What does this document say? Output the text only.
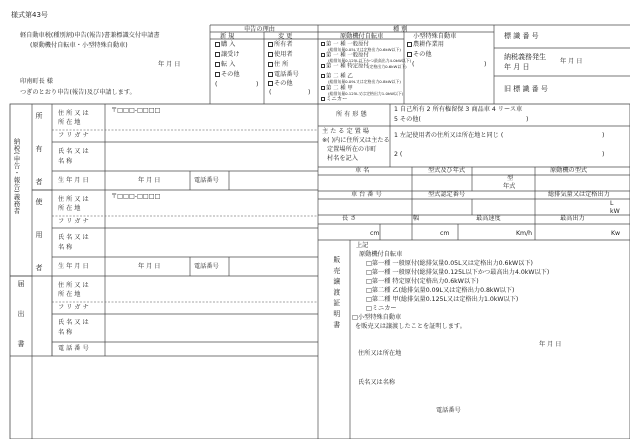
様式第43号
軽自動車税(種別割)申告(報告)書兼標識交付申請書
(原動機付自転車・小型特殊自動車)
年 月 日
印南町長 様
つぎのとおり申告(報告)及び申請します。
申告の理由
新 規	変 更
購 入
譲受け
転 入
その他
(	)
所有者
使用者
住 所
電話番号
その他
(	)
種 別
原動機付自転車	小型特殊自動車
第 一 種 一般原付
(総排気量0.05L又は定格出力0.6kW以下)
第 一 種 一般原付
(総排気量0.125L以下かつ最高出力4.0kW以下)
第 一 種 特定原付 (定格出力0.6kW以下)
第 二 種 乙
(総排気量0.09L又は定格出力0.8kW以下)
第 二 種 甲
(総排気量0.125L又は定格出力1.0kW以下)
ミニカー
農耕作業用
その他
(	)
標 識 番 号
納税義務発生
年 月 日
年 月 日
旧 標 識 番 号
納税(申告・報告)義務者
所
有
者
使
用
者
住 所 又 は
所 在 地
〒□□□-□□□□
フ リ ガ ナ
氏 名 又 は
名 称
生 年 月 日	年 月 日	電話番号
住 所 又 は
所 在 地
〒□□□-□□□□
フ リ ガ ナ
氏 名 又 は
名 称
生 年 月 日	年 月 日	電話番号
届
出
書
住 所 又 は
所 在 地
フ リ ガ ナ
氏 名 又 は
名 称
電 話 番 号
所 有 形 態
1 自己所有 2 所有権留保 3 商品車 4 リース車
5 その他(	)
主 た る 定 置 場
※( )内に住所又は主たる
定置場所在の市町
村名を記入
1 左記使用者の住所又は所在地と同じ (	)
2 (	)
車 名	型式及び年式	原動機の型式
型
年式
車 台 番 号	型式認定番号	総排気量又は定格出力
L
kW
長 さ	幅	最高速度	最高出力
cm	cm	Km/h	Kw
販売譲渡証明書
上記
原動機付自転車
□第一種 一般原付(総排気量0.05L又は定格出力0.6kW以下)
□第一種 一般原付(総排気量0.125L以下かつ最高出力4.0kW以下)
□第一種 特定原付(定格出力0.6kW以下)
□第二種 乙(総排気量0.09L又は定格出力0.8kW以下)
□第二種 甲(総排気量0.125L又は定格出力1.0kW以下)
□ミニカー
□小型特殊自動車
を販売又は譲渡したことを証明します。
年 月 日
住所又は所在地
氏名又は名称
電話番号
